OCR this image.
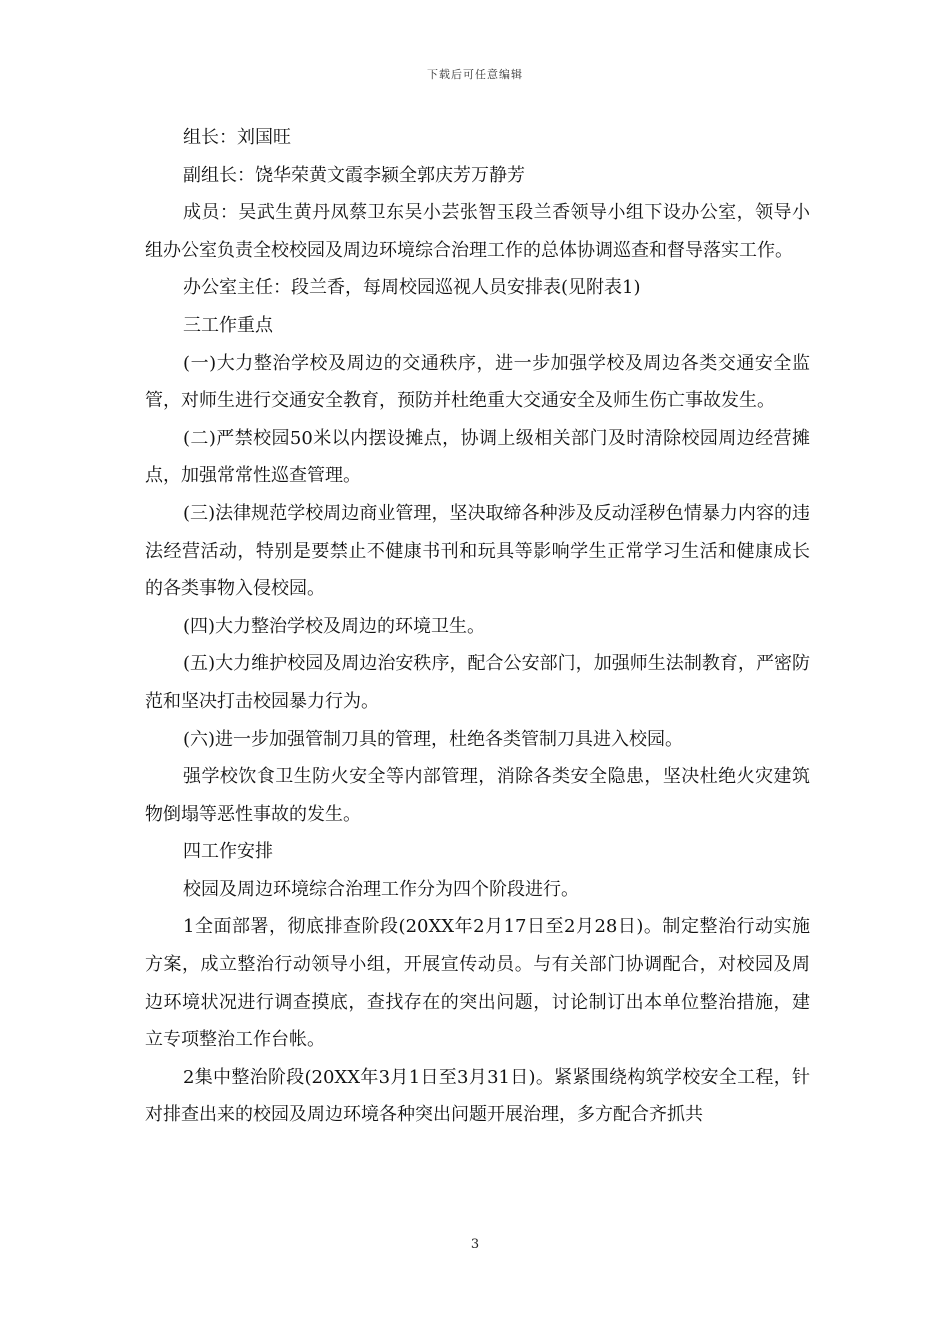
下载后可任意编辑

组长：刘国旺

副组长：饶华荣黄文霞李颍全郭庆芳万静芳

成员：吴武生黄丹凤蔡卫东吴小芸张智玉段兰香领导小组下设办公室，领导小组办公室负责全校校园及周边环境综合治理工作的总体协调巡查和督导落实工作。

办公室主任：段兰香，每周校园巡视人员安排表(见附表1)

三工作重点

(一)大力整治学校及周边的交通秩序，进一步加强学校及周边各类交通安全监管，对师生进行交通安全教育，预防并杜绝重大交通安全及师生伤亡事故发生。

(二)严禁校园50米以内摆设摊点，协调上级相关部门及时清除校园周边经营摊点，加强常常性巡查管理。

(三)法律规范学校周边商业管理，坚决取缔各种涉及反动淫秽色情暴力内容的违法经营活动，特别是要禁止不健康书刊和玩具等影响学生正常学习生活和健康成长的各类事物入侵校园。

(四)大力整治学校及周边的环境卫生。

(五)大力维护校园及周边治安秩序，配合公安部门，加强师生法制教育，严密防范和坚决打击校园暴力行为。

(六)进一步加强管制刀具的管理，杜绝各类管制刀具进入校园。

强学校饮食卫生防火安全等内部管理，消除各类安全隐患，坚决杜绝火灾建筑物倒塌等恶性事故的发生。

四工作安排

校园及周边环境综合治理工作分为四个阶段进行。

1全面部署，彻底排查阶段(20XX年2月17日至2月28日)。制定整治行动实施方案，成立整治行动领导小组，开展宣传动员。与有关部门协调配合，对校园及周边环境状况进行调查摸底，查找存在的突出问题，讨论制订出本单位整治措施，建立专项整治工作台帐。

2集中整治阶段(20XX年3月1日至3月31日)。紧紧围绕构筑学校安全工程，针对排查出来的校园及周边环境各种突出问题开展治理，多方配合齐抓共

3
